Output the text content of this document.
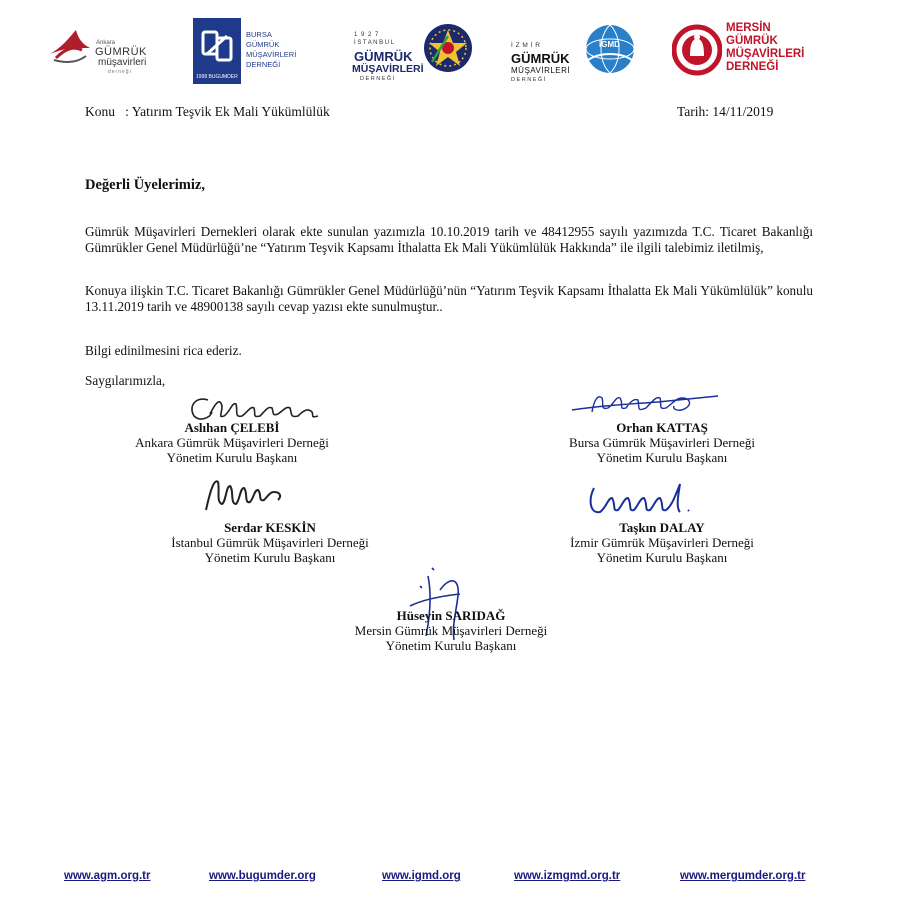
Ankara
GÜMRÜK
müşavirleri
derneği
1998 BUGUMDER
BURSA
GÜMRÜK
MÜŞAVİRLERİ
DERNEĞİ
1 9 2 7
İ S T A N B U L
GÜMRÜK
MÜŞAVİRLERİ
D E R N E Ğ İ
İ Z M İ R
GÜMRÜK
MÜŞAVİRLERİ
D E R N E Ğ İ
İGMD
MERSİN
GÜMRÜK
MÜŞAVİRLERİ
DERNEĞİ
Konu   : Yatırım Teşvik Ek Mali Yükümlülük	Tarih: 14/11/2019
Değerli Üyelerimiz,
Gümrük Müşavirleri Dernekleri olarak ekte sunulan yazımızla 10.10.2019 tarih ve 48412955 sayılı yazımızda T.C. Ticaret Bakanlığı Gümrükler Genel Müdürlüğü’ne “Yatırım Teşvik Kapsamı İthalatta Ek Mali Yükümlülük Hakkında” ile ilgili talebimiz iletilmiş,
Konuya ilişkin T.C. Ticaret Bakanlığı Gümrükler Genel Müdürlüğü’nün “Yatırım Teşvik Kapsamı İthalatta Ek Mali Yükümlülük” konulu 13.11.2019 tarih ve 48900138 sayılı cevap yazısı ekte sunulmuştur..
Bilgi edinilmesini rica ederiz.
Saygılarımızla,
Aslıhan ÇELEBİ
Ankara Gümrük Müşavirleri Derneği
Yönetim Kurulu Başkanı
Orhan KATTAŞ
Bursa Gümrük Müşavirleri Derneği
Yönetim Kurulu Başkanı
Serdar KESKİN
İstanbul Gümrük Müşavirleri Derneği
Yönetim Kurulu Başkanı
Taşkın DALAY
İzmir Gümrük Müşavirleri Derneği
Yönetim Kurulu Başkanı
Hüseyin SARIDAĞ
Mersin Gümrük Müşavirleri Derneği
Yönetim Kurulu Başkanı
www.agm.org.tr	www.bugumder.org	www.igmd.org	www.izmgmd.org.tr	www.mergumder.org.tr
